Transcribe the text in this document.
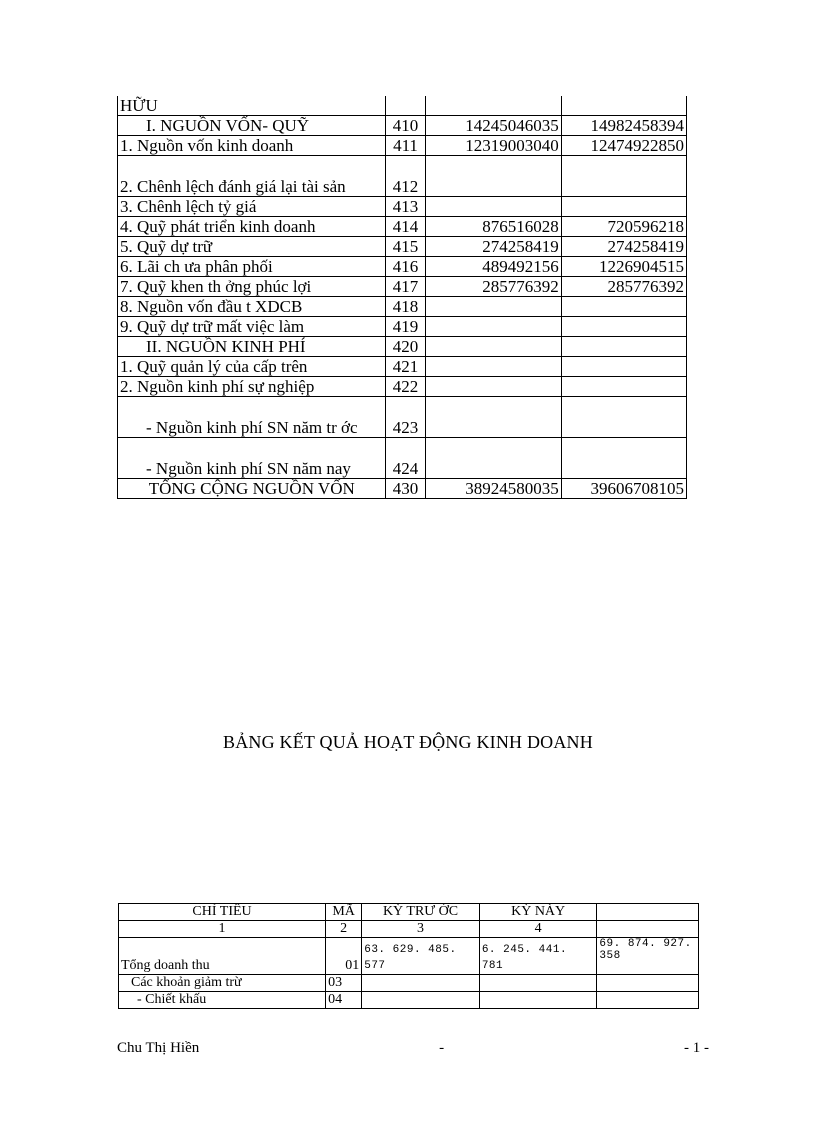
HỮU			
I. NGUỒN VỐN- QUỸ	410	14245046035	14982458394
1. Nguồn vốn kinh doanh	411	12319003040	12474922850
2. Chênh lệch đánh giá lại tài sản	412		
3. Chênh lệch tỷ giá	413		
4. Quỹ phát triển kinh doanh	414	876516028	720596218
5. Quỹ dự trữ	415	274258419	274258419
6. Lãi ch ưa phân phối	416	489492156	1226904515
7. Quỹ khen th ởng phúc lợi	417	285776392	285776392
8. Nguồn vốn đầu t XDCB	418		
9. Quỹ dự trữ mất việc làm	419		
II. NGUỒN KINH PHÍ	420		
1. Quỹ quản lý của cấp trên	421		
2. Nguồn kinh phí sự nghiệp	422		
- Nguồn kinh phí SN năm tr ớc	423		
- Nguồn kinh phí SN năm nay	424		
TỔNG CỘNG NGUỒN VỐN	430	38924580035	39606708105
BẢNG KẾT QUẢ HOẠT ĐỘNG KINH DOANH
CHỈ TIÊU	MÃ	KỲ TRƯ ỚC	KỲ NÀY	
1	2	3	4	
Tổng doanh thu	01	63. 629. 485. 577	6. 245. 441. 781	69. 874. 927. 358
Các khoản giảm trừ	03			
- Chiết khấu	04			
Chu Thị Hiền	-	- 1 -
